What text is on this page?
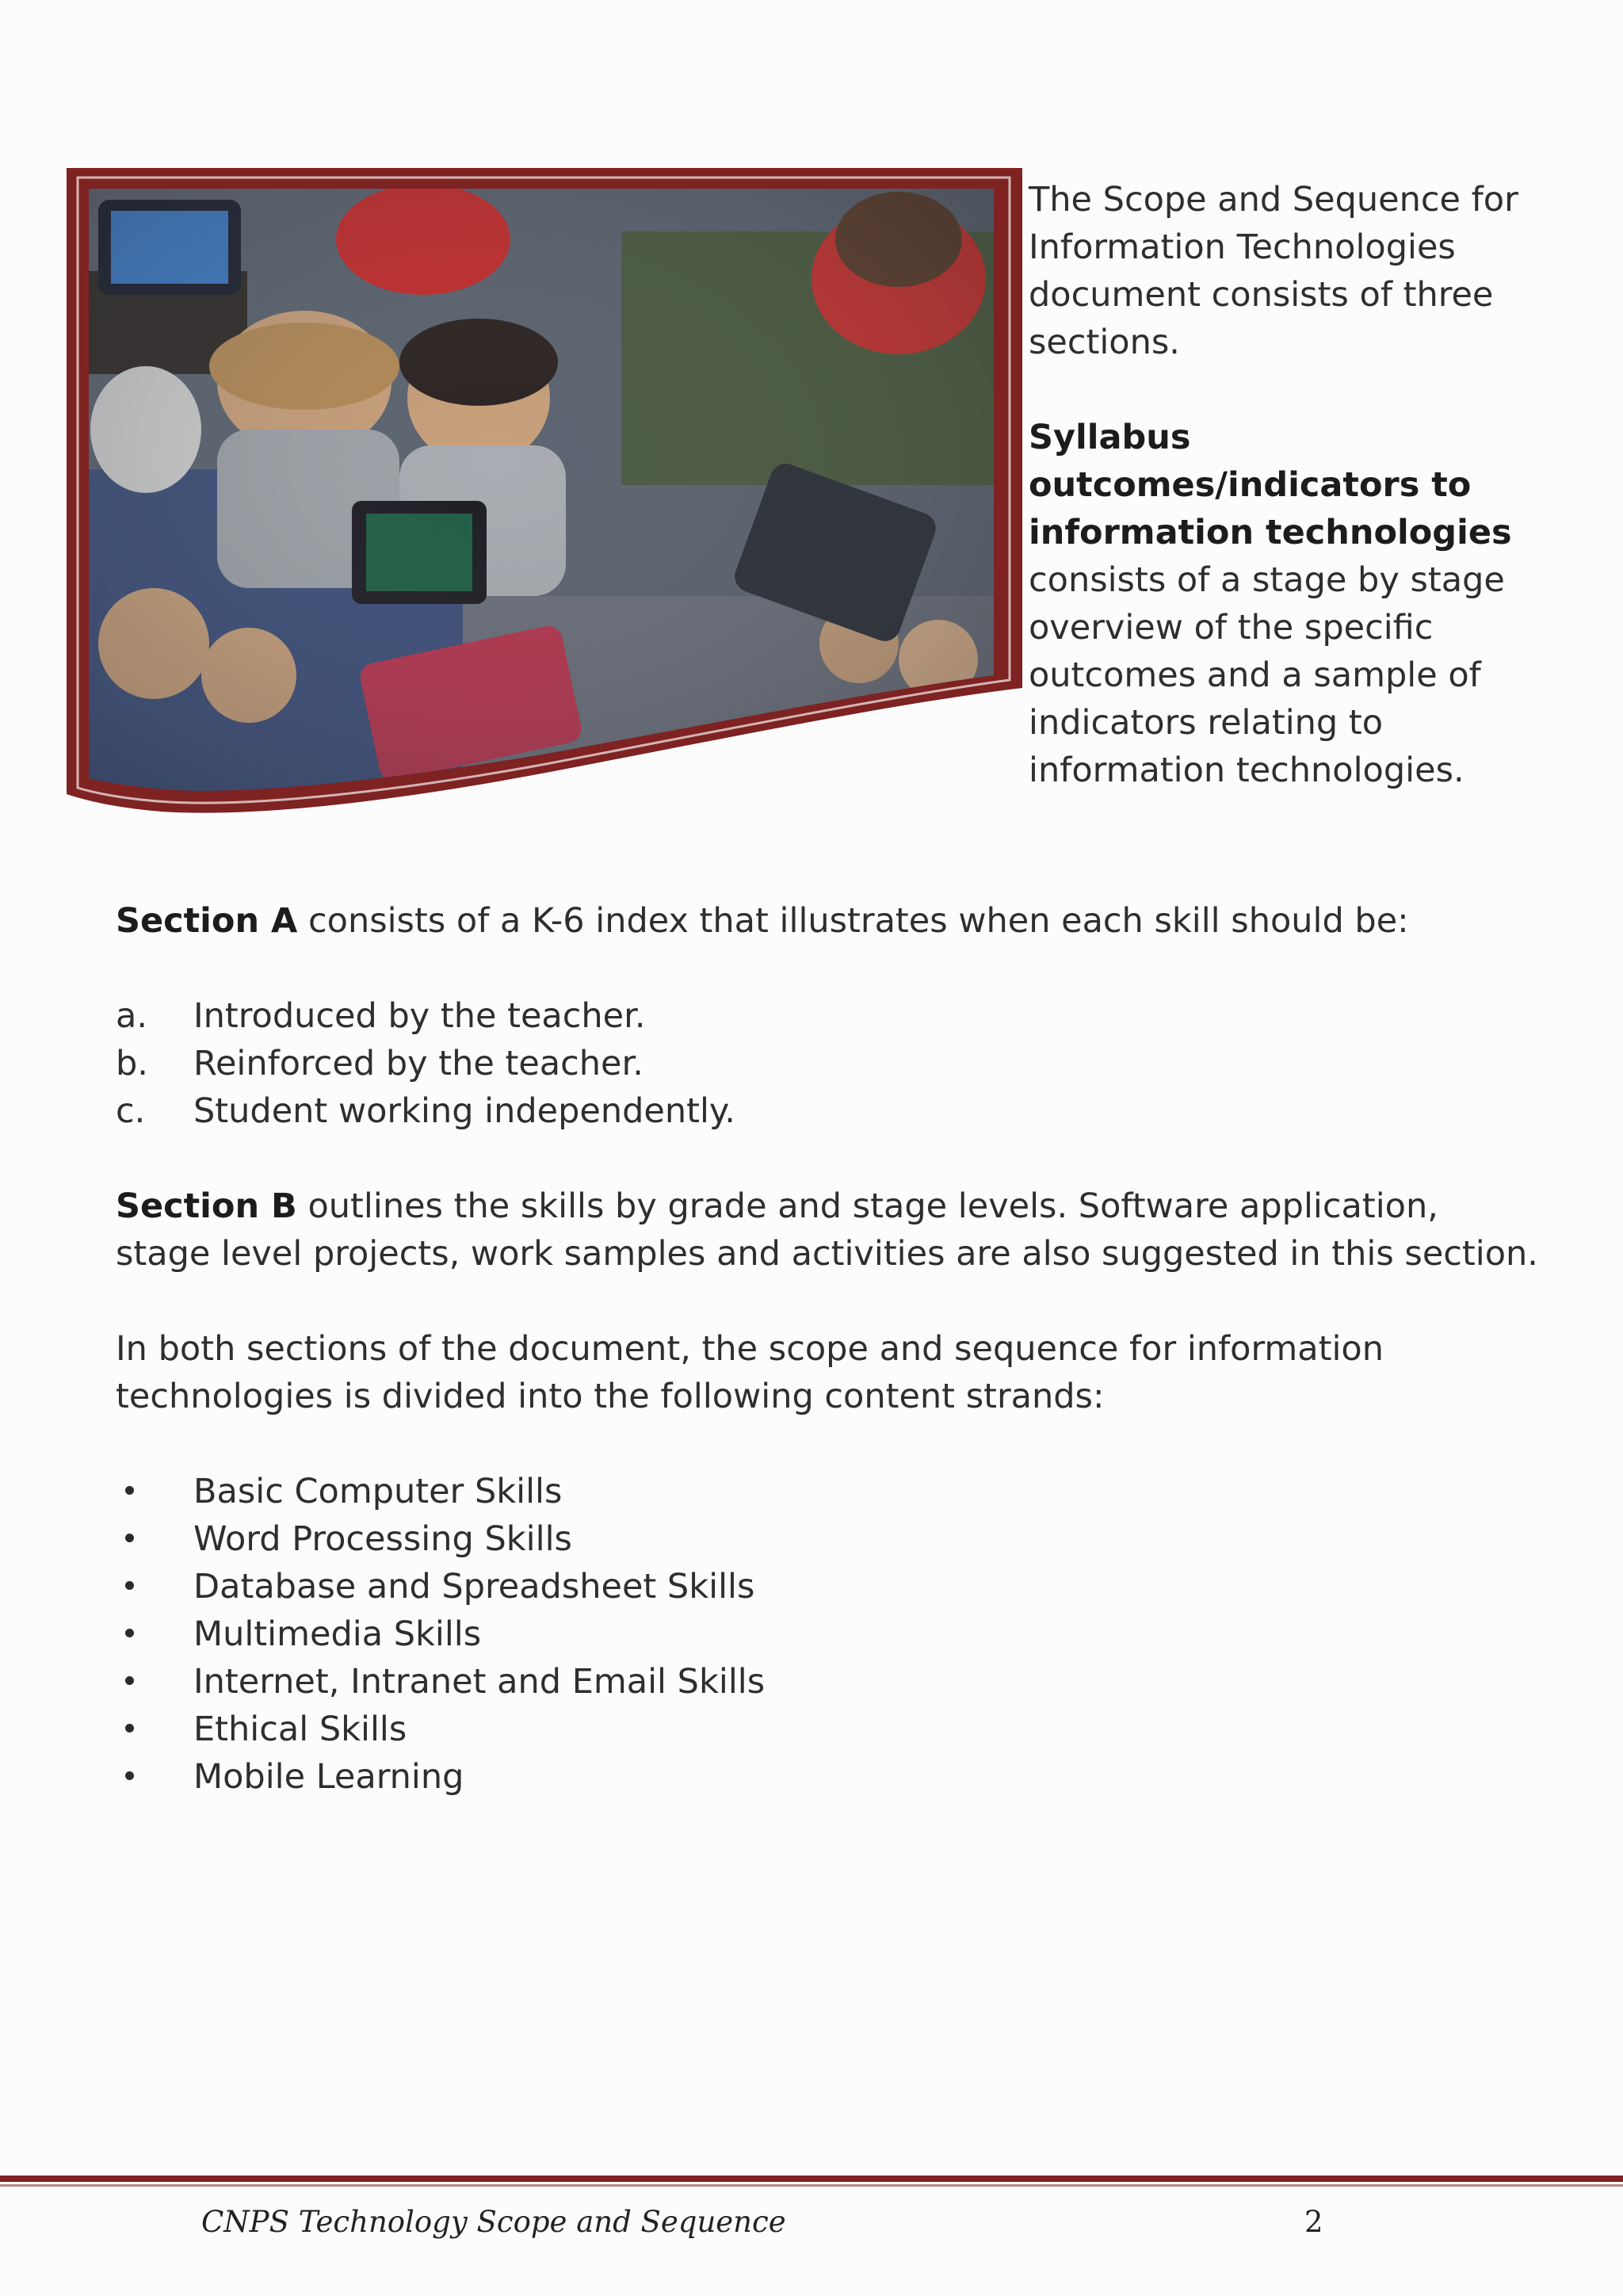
The Scope and Sequence for Information Technologies document consists of three sections.

Syllabus outcomes/indicators to information technologies consists of a stage by stage overview of the specific outcomes and a sample of indicators relating to information technologies.

Section A consists of a K-6 index that illustrates when each skill should be:

a.	Introduced by the teacher.
b.	Reinforced by the teacher.
c.	Student working independently.

Section B outlines the skills by grade and stage levels. Software application, stage level projects, work samples and activities are also suggested in this section.

In both sections of the document, the scope and sequence for information technologies is divided into the following content strands:

Basic Computer Skills
Word Processing Skills
Database and Spreadsheet Skills
Multimedia Skills
Internet, Intranet and Email Skills
Ethical Skills
Mobile Learning
CNPS Technology Scope and Sequence	2
